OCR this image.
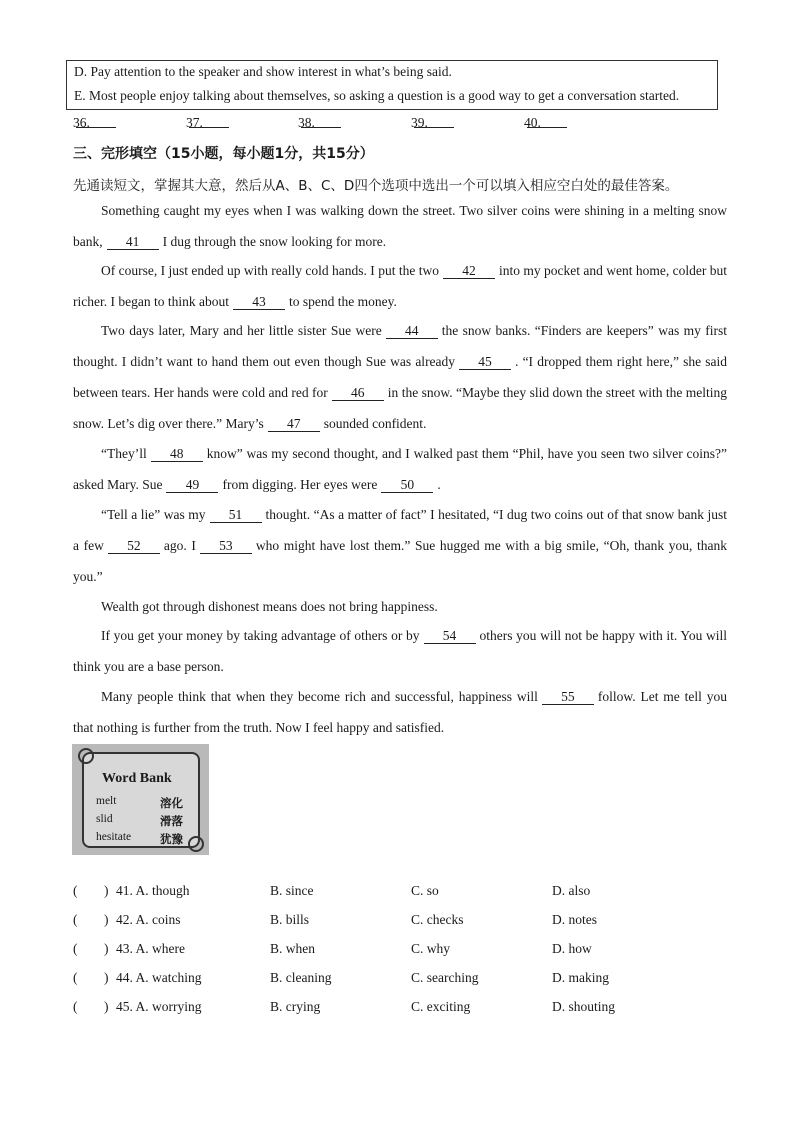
D. Pay attention to the speaker and show interest in what’s being said.
E. Most people enjoy talking about themselves, so asking a question is a good way to get a conversation started.
36.	37.	38.	39.	40.
三、完形填空（15小题，每小题1分，共15分）
先通读短文，掌握其大意，然后从A、B、C、D四个选项中选出一个可以填入相应空白处的最佳答案。
Something caught my eyes when I was walking down the street. Two silver coins were shining in a melting snow bank, 41 I dug through the snow looking for more.
Of course, I just ended up with really cold hands. I put the two 42 into my pocket and went home, colder but richer. I began to think about 43 to spend the money.
Two days later, Mary and her little sister Sue were 44 the snow banks. “Finders are keepers” was my first thought. I didn’t want to hand them out even though Sue was already 45 . “I dropped them right here,” she said between tears. Her hands were cold and red for 46 in the snow. “Maybe they slid down the street with the melting snow. Let’s dig over there.” Mary’s 47 sounded confident.
“They’ll 48 know” was my second thought, and I walked past them “Phil, have you seen two silver coins?” asked Mary. Sue 49 from digging. Her eyes were 50 .
“Tell a lie” was my 51 thought. “As a matter of fact” I hesitated, “I dug two coins out of that snow bank just a few 52 ago. I 53 who might have lost them.” Sue hugged me with a big smile, “Oh, thank you, thank you.”
Wealth got through dishonest means does not bring happiness.
If you get your money by taking advantage of others or by 54 others you will not be happy with it. You will think you are a base person.
Many people think that when they become rich and successful, happiness will 55 follow. Let me tell you that nothing is further from the truth. Now I feel happy and satisfied.
Word Bank
melt	溶化
slid	滑落
hesitate	犹豫
( ) 41. A. though	B. since	C. so	D. also
( ) 42. A. coins	B. bills	C. checks	D. notes
( ) 43. A. where	B. when	C. why	D. how
( ) 44. A. watching	B. cleaning	C. searching	D. making
( ) 45. A. worrying	B. crying	C. exciting	D. shouting
